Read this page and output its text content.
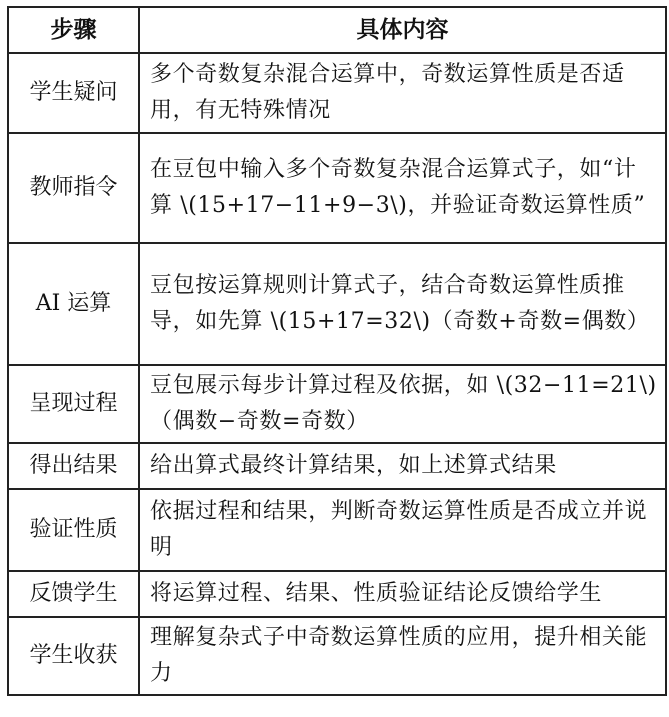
步骤	具体内容
学生疑问	多个奇数复杂混合运算中，奇数运算性质是否适用，有无特殊情况
教师指令	在豆包中输入多个奇数复杂混合运算式子，如“计算 \(15+17−11+9−3\)，并验证奇数运算性质”
AI 运算	豆包按运算规则计算式子，结合奇数运算性质推导，如先算 \(15+17=32\)（奇数+奇数=偶数）
呈现过程	豆包展示每步计算过程及依据，如 \(32−11=21\)（偶数−奇数=奇数）
得出结果	给出算式最终计算结果，如上述算式结果
验证性质	依据过程和结果，判断奇数运算性质是否成立并说明
反馈学生	将运算过程、结果、性质验证结论反馈给学生
学生收获	理解复杂式子中奇数运算性质的应用，提升相关能力
